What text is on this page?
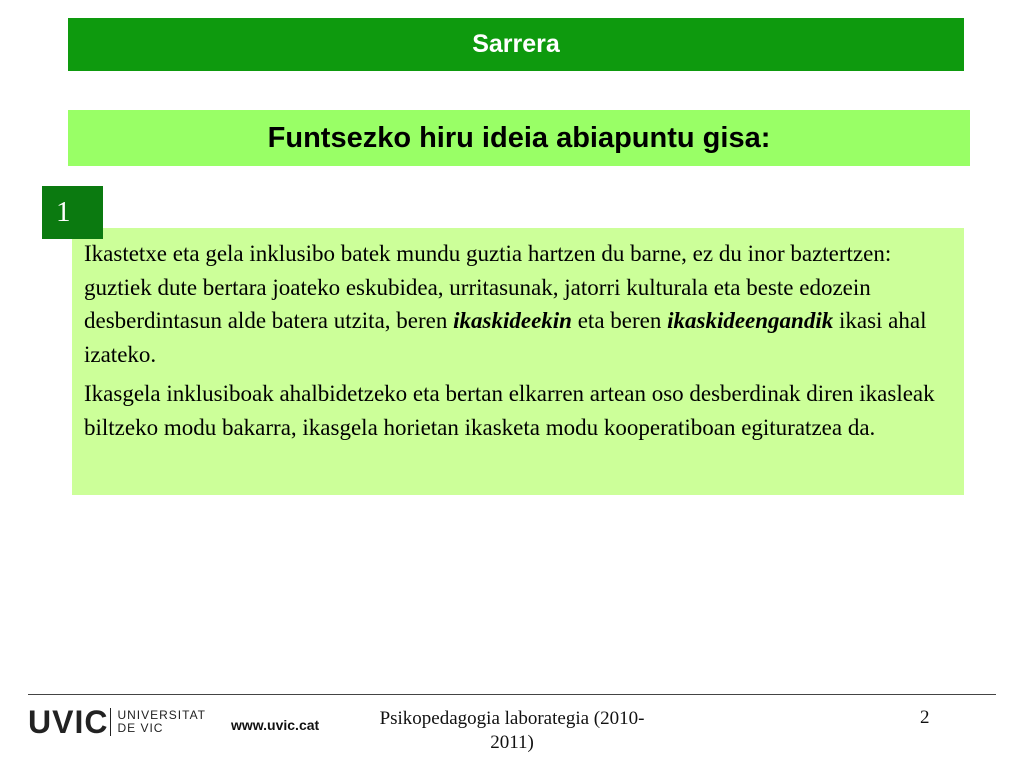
Sarrera
Funtsezko hiru ideia abiapuntu gisa:

Ikastetxe eta gela inklusibo batek mundu guztia hartzen du barne, ez du inor baztertzen: guztiek dute bertara joateko eskubidea, urritasunak, jatorri kulturala eta beste edozein desberdintasun alde batera utzita, beren ikaskideekin eta beren ikaskideengandik ikasi ahal izateko.

Ikasgela inklusiboak ahalbidetzeko eta bertan elkarren artean oso desberdinak diren ikasleak biltzeko modu bakarra, ikasgela horietan ikasketa modu kooperatiboan egituratzea da.

1
UVIC UNIVERSITAT
DE VIC	www.uvic.cat	Psikopedagogia laborategia (2010-2011)
2
